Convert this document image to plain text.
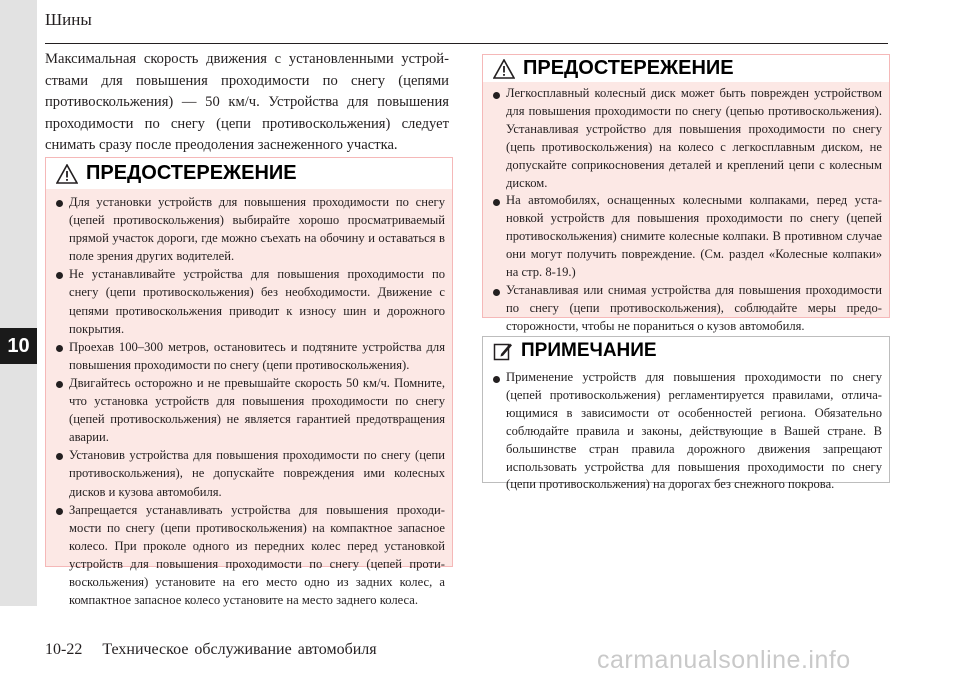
10
Шины

Максимальная скорость движения с установленными устройствами для повышения проходимости по снегу (цепями противоскольжения) — 50 км/ч. Устройства для повышения проходимости по снегу (цепи противоскольжения) следует снимать сразу после преодоления заснеженного участка.

ПРЕДОСТЕРЕЖЕНИЕ
Для установки устройств для повышения проходимости по снегу (цепей противоскольжения) выбирайте хорошо просматриваемый прямой участок дороги, где можно съехать на обочину и оставаться в поле зрения других водителей.
Не устанавливайте устройства для повышения проходимости по снегу (цепи противоскольжения) без необходимости. Движение с цепями противоскольжения приводит к износу шин и дорожного покрытия.
Проехав 100–300 метров, остановитесь и подтяните устройства для повышения проходимости по снегу (цепи противоскольжения).
Двигайтесь осторожно и не превышайте скорость 50 км/ч. Помните, что установка устройств для повышения проходимости по снегу (цепей противоскольжения) не является гарантией предотвращения аварии.
Установив устройства для повышения проходимости по снегу (цепи противоскольжения), не допускайте повреждения ими колесных дисков и кузова автомобиля.
Запрещается устанавливать устройства для повышения проходимости по снегу (цепи противоскольжения) на компактное запасное колесо. При проколе одного из передних колес перед установкой устройств для повышения проходимости по снегу (цепей противоскольжения) установите на его место одно из задних колес, а компактное запасное колесо установите на место заднего колеса.
ПРЕДОСТЕРЕЖЕНИЕ
Легкосплавный колесный диск может быть поврежден устройством для повышения проходимости по снегу (цепью противоскольжения). Устанавливая устройство для повышения проходимости по снегу (цепь противоскольжения) на колесо с легкосплавным диском, не допускайте соприкосновения деталей и креплений цепи с колесным диском.
На автомобилях, оснащенных колесными колпаками, перед установкой устройств для повышения проходимости по снегу (цепей противоскольжения) снимите колесные колпаки. В противном случае они могут получить повреждение. (См. раздел «Колесные колпаки» на стр. 8-19.)
Устанавливая или снимая устройства для повышения проходимости по снегу (цепи противоскольжения), соблюдайте меры предосторожности, чтобы не пораниться о кузов автомобиля.
ПРИМЕЧАНИЕ
Применение устройств для повышения проходимости по снегу (цепей противоскольжения) регламентируется правилами, отличающимися в зависимости от особенностей региона. Обязательно соблюдайте правила и законы, действующие в Вашей стране. В большинстве стран правила дорожного движения запрещают использовать устройства для повышения проходимости по снегу (цепи противоскольжения) на дорогах без снежного покрова.
10-22 Техническое обслуживание автомобиля	carmanualsonline.info
